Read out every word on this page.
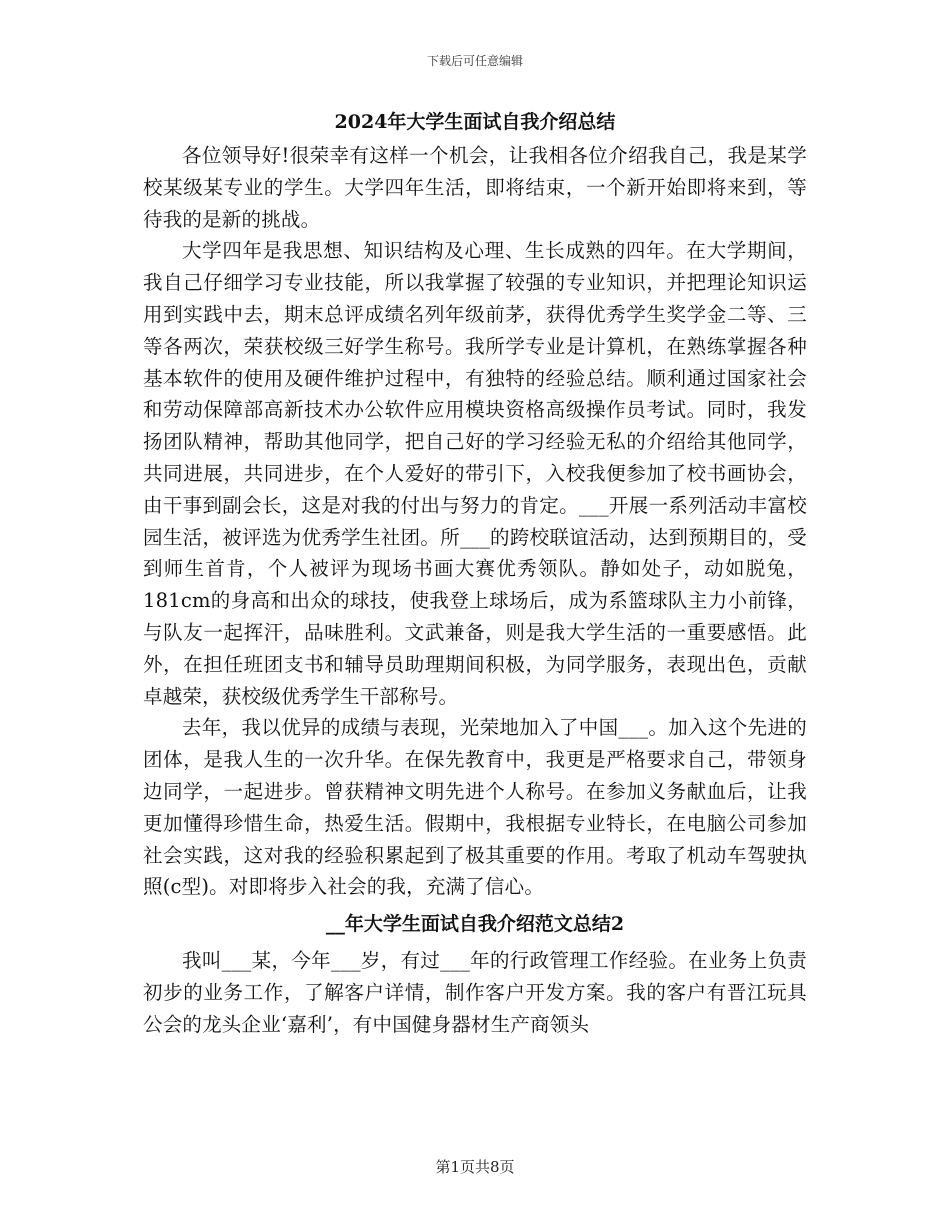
下载后可任意编辑
2024年大学生面试自我介绍总结

各位领导好!很荣幸有这样一个机会，让我相各位介绍我自己，我是某学校某级某专业的学生。大学四年生活，即将结束，一个新开始即将来到，等待我的是新的挑战。

大学四年是我思想、知识结构及心理、生长成熟的四年。在大学期间，我自己仔细学习专业技能，所以我掌握了较强的专业知识，并把理论知识运用到实践中去，期末总评成绩名列年级前茅，获得优秀学生奖学金二等、三等各两次，荣获校级三好学生称号。我所学专业是计算机，在熟练掌握各种基本软件的使用及硬件维护过程中，有独特的经验总结。顺利通过国家社会和劳动保障部高新技术办公软件应用模块资格高级操作员考试。同时，我发扬团队精神，帮助其他同学，把自己好的学习经验无私的介绍给其他同学，共同进展，共同进步，在个人爱好的带引下，入校我便参加了校书画协会，由干事到副会长，这是对我的付出与努力的肯定。___开展一系列活动丰富校园生活，被评选为优秀学生社团。所___的跨校联谊活动，达到预期目的，受到师生首肯，个人被评为现场书画大赛优秀领队。静如处子，动如脱兔，181cm的身高和出众的球技，使我登上球场后，成为系篮球队主力小前锋，与队友一起挥汗，品味胜利。文武兼备，则是我大学生活的一重要感悟。此外，在担任班团支书和辅导员助理期间积极，为同学服务，表现出色，贡献卓越荣，获校级优秀学生干部称号。

去年，我以优异的成绩与表现，光荣地加入了中国___。加入这个先进的团体，是我人生的一次升华。在保先教育中，我更是严格要求自己，带领身边同学，一起进步。曾获精神文明先进个人称号。在参加义务献血后，让我更加懂得珍惜生命，热爱生活。假期中，我根据专业特长，在电脑公司参加社会实践，这对我的经验积累起到了极其重要的作用。考取了机动车驾驶执照(c型)。对即将步入社会的我，充满了信心。

__年大学生面试自我介绍范文总结2

我叫___某，今年___岁，有过___年的行政管理工作经验。在业务上负责初步的业务工作，了解客户详情，制作客户开发方案。我的客户有晋江玩具公会的龙头企业‘嘉利’，有中国健身器材生产商领头

第1页共8页
